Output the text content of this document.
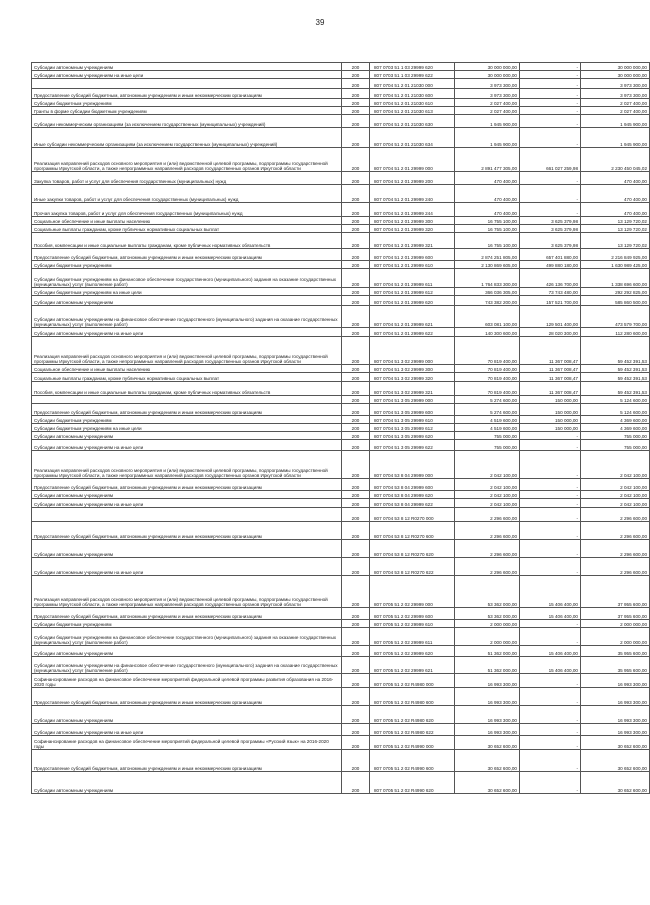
39
Субсидии автономным учреждениям	200	807 0703 51 1 03 29999 620	30 000 000,00	-	30 000 000,00
Субсидии автономным учреждениям на иные цели	200	807 0703 51 1 03 29999 622	30 000 000,00	-	30 000 000,00
	200	807 0704 51 2 01 21030 000	3 973 300,00	-	3 973 300,00
Предоставление субсидий бюджетным, автономным учреждениям и иным некоммерческим организациям	200	807 0704 51 2 01 21030 600	3 973 300,00	-	3 973 300,00
Субсидии бюджетным учреждениям	200	807 0704 51 2 01 21030 610	2 027 400,00	-	2 027 400,00
Гранты в форме субсидии бюджетным учреждениям	200	807 0704 51 2 01 21030 613	2 027 400,00	-	2 027 400,00
Субсидии некоммерческим организациям (за исключением государственных (муниципальных) учреждений)	200	807 0704 51 2 01 21030 630	1 945 900,00	-	1 945 900,00
Иные субсидии некоммерческим организациям (за исключением государственных (муниципальных) учреждений)	200	807 0704 51 2 01 21030 634	1 945 900,00	-	1 945 900,00
Реализация направлений расходов основного мероприятия и (или) ведомственной целевой программы, подпрограммы государственной программы Иркутской области, а также непрограммных направлений расходов государственных органов Иркутской области	200	807 0704 51 2 01 29999 000	2 891 477 305,00	661 027 259,98	2 230 450 045,02
Закупка товаров, работ и услуг для обеспечения государственных (муниципальных) нужд	200	807 0704 51 2 01 29999 200	470 400,00	-	470 400,00
Иные закупки товаров, работ и услуг для обеспечения государственных (муниципальных) нужд	200	807 0704 51 2 01 29999 240	470 400,00	-	470 400,00
Прочая закупка товаров, работ и услуг для обеспечения государственных (муниципальных) нужд	200	807 0704 51 2 01 29999 244	470 400,00	-	470 400,00
Социальное обеспечение и иные выплаты населению	200	807 0704 51 2 01 29999 300	16 755 100,00	3 625 379,98	13 129 720,02
Социальные выплаты гражданам, кроме публичных нормативных социальных выплат	200	807 0704 51 2 01 29999 320	16 755 100,00	3 625 379,98	13 129 720,02
Пособия, компенсации и иные социальные выплаты гражданам, кроме публичных нормативных обязательств	200	807 0704 51 2 01 29999 321	16 755 100,00	3 625 379,98	13 129 720,02
Предоставление субсидий бюджетным, автономным учреждениям и иным некоммерческим организациям	200	807 0704 51 2 01 29999 600	2 874 251 805,00	657 401 880,00	2 216 849 925,00
Субсидии бюджетным учреждениям	200	807 0704 51 2 01 29999 610	2 130 869 605,00	499 880 180,00	1 630 989 425,00
Субсидии бюджетным учреждениям на финансовое обеспечение государственного (муниципального) задания на оказание государственных (муниципальных) услуг (выполнение работ)	200	807 0704 51 2 01 29999 611	1 764 833 300,00	426 136 700,00	1 338 696 600,00
Субсидии бюджетным учреждениям на иные цели	200	807 0704 51 2 01 29999 612	366 036 305,00	73 743 480,00	292 292 825,00
Субсидии автономным учреждениям	200	807 0704 51 2 01 29999 620	743 382 200,00	157 521 700,00	585 860 500,00
Субсидии автономным учреждениям на финансовое обеспечение государственного (муниципального) задания на оказание государственных (муниципальных) услуг (выполнение работ)	200	807 0704 51 2 01 29999 621	603 081 100,00	129 501 400,00	473 579 700,00
Субсидии автономным учреждениям на иные цели	200	807 0704 51 2 01 29999 622	140 300 600,00	28 020 300,00	112 280 600,00
Реализация направлений расходов основного мероприятия и (или) ведомственной целевой программы, подпрограммы государственной программы Иркутской области, а также непрограммных направлений расходов государственных органов Иркутской области	200	807 0704 51 3 02 29999 000	70 819 400,00	11 367 008,47	59 452 391,53
Социальное обеспечение и иные выплаты населению	200	807 0704 51 3 02 29999 300	70 819 400,00	11 367 008,47	59 452 391,53
Социальные выплаты гражданам, кроме публичных нормативных социальных выплат	200	807 0704 51 3 02 29999 320	70 819 400,00	11 367 008,47	59 452 391,53
Пособия, компенсации и иные социальные выплаты гражданам, кроме публичных нормативных обязательств	200	807 0704 51 3 02 29999 321	70 819 400,00	11 367 008,47	59 452 391,53
	200	807 0704 51 3 05 29999 000	5 274 600,00	150 000,00	5 124 600,00
Предоставление субсидий бюджетным, автономным учреждениям и иным некоммерческим организациям	200	807 0704 51 3 05 29999 600	5 274 600,00	150 000,00	5 124 600,00
Субсидии бюджетным учреждениям	200	807 0704 51 3 05 29999 610	4 519 600,00	150 000,00	4 369 600,00
Субсидии бюджетным учреждениям на иные цели	200	807 0704 51 3 05 29999 612	4 519 600,00	150 000,00	4 369 600,00
Субсидии автономным учреждениям	200	807 0704 51 3 05 29999 620	755 000,00	-	755 000,00
Субсидии автономным учреждениям на иные цели	200	807 0704 51 3 05 29999 622	755 000,00	-	755 000,00
Реализация направлений расходов основного мероприятия и (или) ведомственной целевой программы, подпрограммы государственной программы Иркутской области, а также непрограммных направлений расходов государственных органов Иркутской области	200	807 0704 53 8 04 29999 000	2 042 100,00	-	2 042 100,00
Предоставление субсидий бюджетным, автономным учреждениям и иным некоммерческим организациям	200	807 0704 53 8 04 29999 600	2 042 100,00	-	2 042 100,00
Субсидии автономным учреждениям	200	807 0704 53 8 04 29999 620	2 042 100,00	-	2 042 100,00
Субсидии автономным учреждениям на иные цели	200	807 0704 53 8 04 29999 622	2 042 100,00	-	2 042 100,00
	200	807 0704 53 8 12 R0270 000	2 296 600,00	-	2 296 600,00
Предоставление субсидий бюджетным, автономным учреждениям и иным некоммерческим организациям	200	807 0704 53 8 12 R0270 600	2 296 600,00	-	2 296 600,00
Субсидии автономным учреждениям	200	807 0704 53 8 12 R0270 620	2 296 600,00	-	2 296 600,00
Субсидии автономным учреждениям на иные цели	200	807 0704 53 8 12 R0270 622	2 296 600,00	-	2 296 600,00
Реализация направлений расходов основного мероприятия и (или) ведомственной целевой программы, подпрограммы государственной программы Иркутской области, а также непрограммных направлений расходов государственных органов Иркутской области	200	807 0705 51 2 02 29999 000	53 362 000,00	15 406 400,00	37 955 600,00
Предоставление субсидий бюджетным, автономным учреждениям и иным некоммерческим организациям	200	807 0705 51 2 02 29999 600	53 362 000,00	15 406 400,00	37 955 600,00
Субсидии бюджетным учреждениям	200	807 0705 51 2 02 29999 610	2 000 000,00	-	2 000 000,00
Субсидии бюджетным учреждениям на финансовое обеспечение государственного (муниципального) задания на оказание государственных (муниципальных) услуг (выполнение работ)	200	807 0705 51 2 02 29999 611	2 000 000,00	-	2 000 000,00
Субсидии автономным учреждениям	200	807 0705 51 2 02 29999 620	51 362 000,00	15 406 400,00	35 955 600,00
Субсидии автономным учреждениям на финансовое обеспечение государственного (муниципального) задания на оказание государственных (муниципальных) услуг (выполнение работ)	200	807 0705 51 2 02 29999 621	51 362 000,00	15 406 400,00	35 955 600,00
Софинансирование расходов на финансовое обеспечение мероприятий федеральной целевой программы развития образования на 2016-2020 годы	200	807 0705 51 2 02 R4980 000	16 993 300,00	-	16 993 300,00
Предоставление субсидий бюджетным, автономным учреждениям и иным некоммерческим организациям	200	807 0705 51 2 02 R4980 600	16 993 300,00	-	16 993 300,00
Субсидии автономным учреждениям	200	807 0705 51 2 02 R4980 620	16 993 300,00	-	16 993 300,00
Субсидии автономным учреждениям на иные цели	200	807 0705 51 2 02 R4980 622	16 993 300,00	-	16 993 300,00
Софинансирование расходов на финансовое обеспечение мероприятий федеральной целевой программы «Русский язык» на 2016-2020 годы	200	807 0705 51 2 02 R4990 000	30 652 600,00	-	30 652 600,00
Предоставление субсидий бюджетным, автономным учреждениям и иным некоммерческим организациям	200	807 0705 51 2 02 R4990 600	30 652 600,00	-	30 652 600,00
Субсидии автономным учреждениям	200	807 0705 51 2 02 R4990 620	30 652 600,00	-	30 652 600,00
